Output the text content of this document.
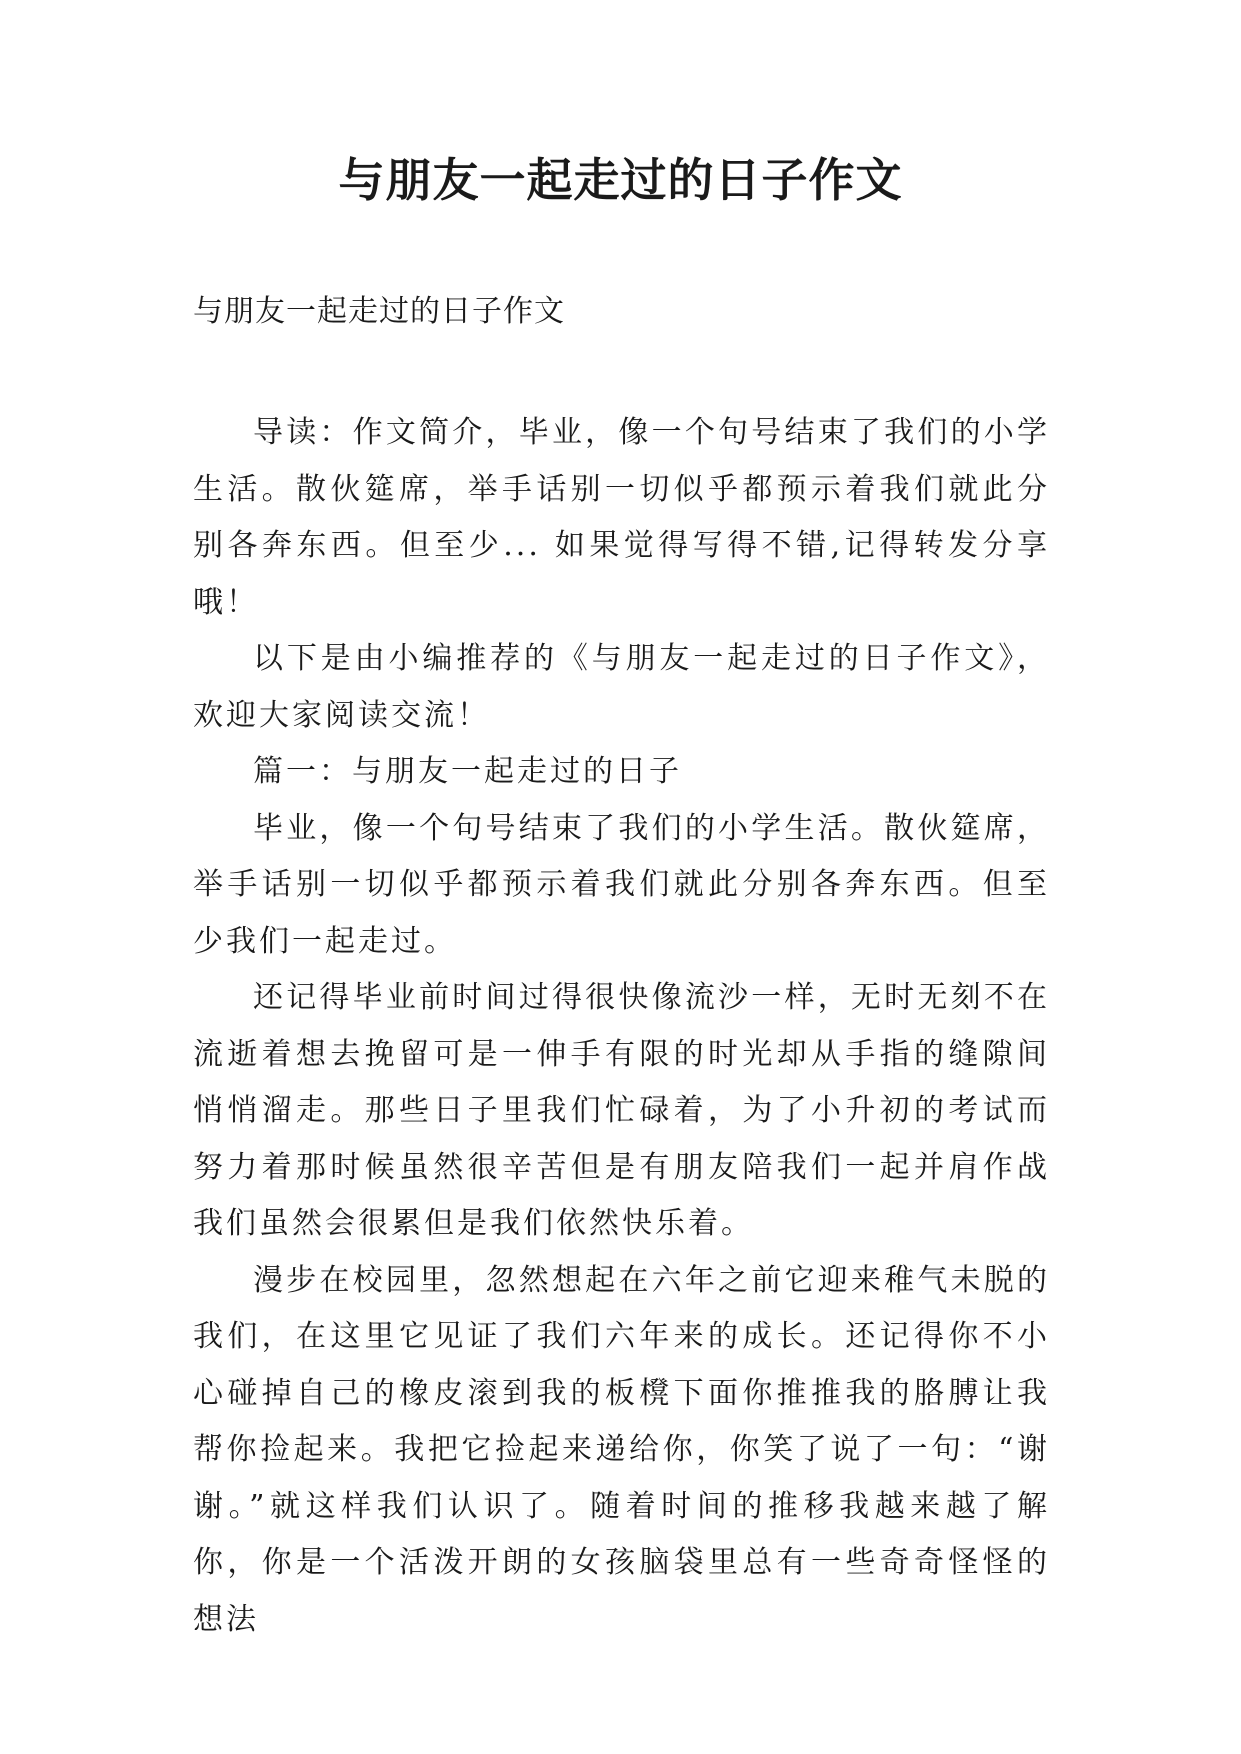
与朋友一起走过的日子作文
与朋友一起走过的日子作文

导读：作文简介，毕业，像一个句号结束了我们的小学生活。散伙筵席，举手话别一切似乎都预示着我们就此分别各奔东西。但至少... 如果觉得写得不错,记得转发分享哦！

以下是由小编推荐的《与朋友一起走过的日子作文》，欢迎大家阅读交流！

篇一：与朋友一起走过的日子

毕业，像一个句号结束了我们的小学生活。散伙筵席，举手话别一切似乎都预示着我们就此分别各奔东西。但至少我们一起走过。

还记得毕业前时间过得很快像流沙一样，无时无刻不在流逝着想去挽留可是一伸手有限的时光却从手指的缝隙间悄悄溜走。那些日子里我们忙碌着，为了小升初的考试而努力着那时候虽然很辛苦但是有朋友陪我们一起并肩作战我们虽然会很累但是我们依然快乐着。

漫步在校园里，忽然想起在六年之前它迎来稚气未脱的我们，在这里它见证了我们六年来的成长。还记得你不小心碰掉自己的橡皮滚到我的板櫈下面你推推我的胳膊让我帮你捡起来。我把它捡起来递给你，你笑了说了一句：“谢谢。”就这样我们认识了。随着时间的推移我越来越了解你，你是一个活泼开朗的女孩脑袋里总有一些奇奇怪怪的想法
